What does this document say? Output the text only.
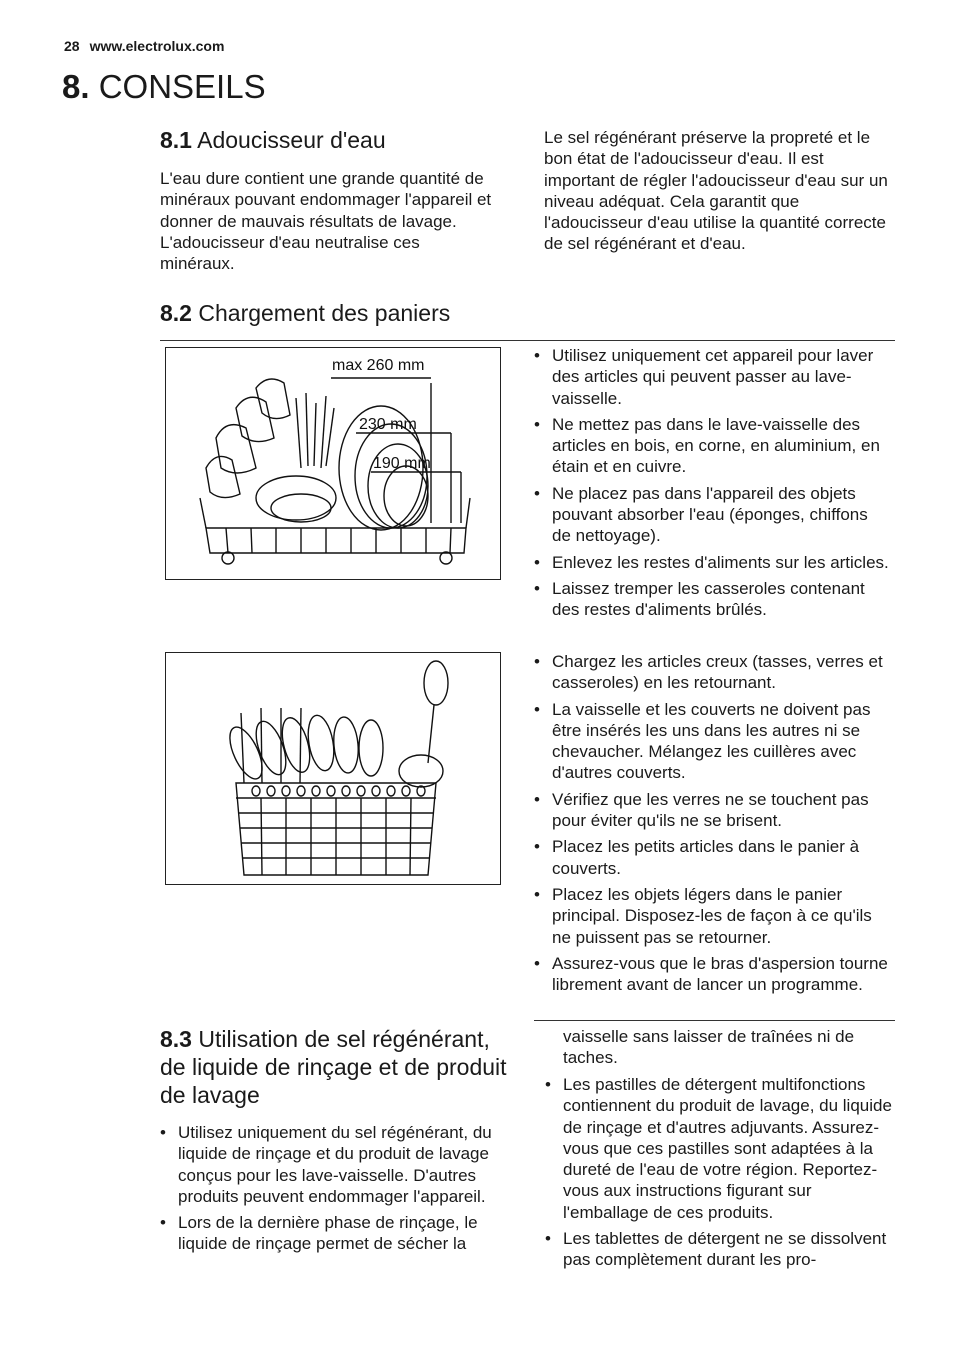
28 www.electrolux.com
8. CONSEILS
8.1 Adoucisseur d'eau

L'eau dure contient une grande quantité de minéraux pouvant endommager l'appareil et donner de mauvais résultats de lavage. L'adoucisseur d'eau neutralise ces minéraux.

Le sel régénérant préserve la propreté et le bon état de l'adoucisseur d'eau. Il est important de régler l'adoucisseur d'eau sur un niveau adéquat. Cela garantit que l'adoucisseur d'eau utilise la quantité correcte de sel régénérant et d'eau.

8.2 Chargement des paniers
max 260 mm
230 mm
190 mm
• Utilisez uniquement cet appareil pour laver des articles qui peuvent passer au lave-vaisselle.
• Ne mettez pas dans le lave-vaisselle des articles en bois, en corne, en aluminium, en étain et en cuivre.
• Ne placez pas dans l'appareil des objets pouvant absorber l'eau (éponges, chiffons de nettoyage).
• Enlevez les restes d'aliments sur les articles.
• Laissez tremper les casseroles contenant des restes d'aliments brûlés.
• Chargez les articles creux (tasses, verres et casseroles) en les retournant.
• La vaisselle et les couverts ne doivent pas être insérés les uns dans les autres ni se chevaucher. Mélangez les cuillères avec d'autres couverts.
• Vérifiez que les verres ne se touchent pas pour éviter qu'ils ne se brisent.
• Placez les petits articles dans le panier à couverts.
• Placez les objets légers dans le panier principal. Disposez-les de façon à ce qu'ils ne puissent pas se retourner.
• Assurez-vous que le bras d'aspersion tourne librement avant de lancer un programme.
8.3 Utilisation de sel régénérant, de liquide de rinçage et de produit de lavage
• Utilisez uniquement du sel régénérant, du liquide de rinçage et du produit de lavage conçus pour les lave-vaisselle. D'autres produits peuvent endommager l'appareil.
• Lors de la dernière phase de rinçage, le liquide de rinçage permet de sécher la

vaisselle sans laisser de traînées ni de taches.

• Les pastilles de détergent multifonctions contiennent du produit de lavage, du liquide de rinçage et d'autres adjuvants. Assurez-vous que ces pastilles sont adaptées à la dureté de l'eau de votre région. Reportez-vous aux instructions figurant sur l'emballage de ces produits.
• Les tablettes de détergent ne se dissolvent pas complètement durant les pro-
